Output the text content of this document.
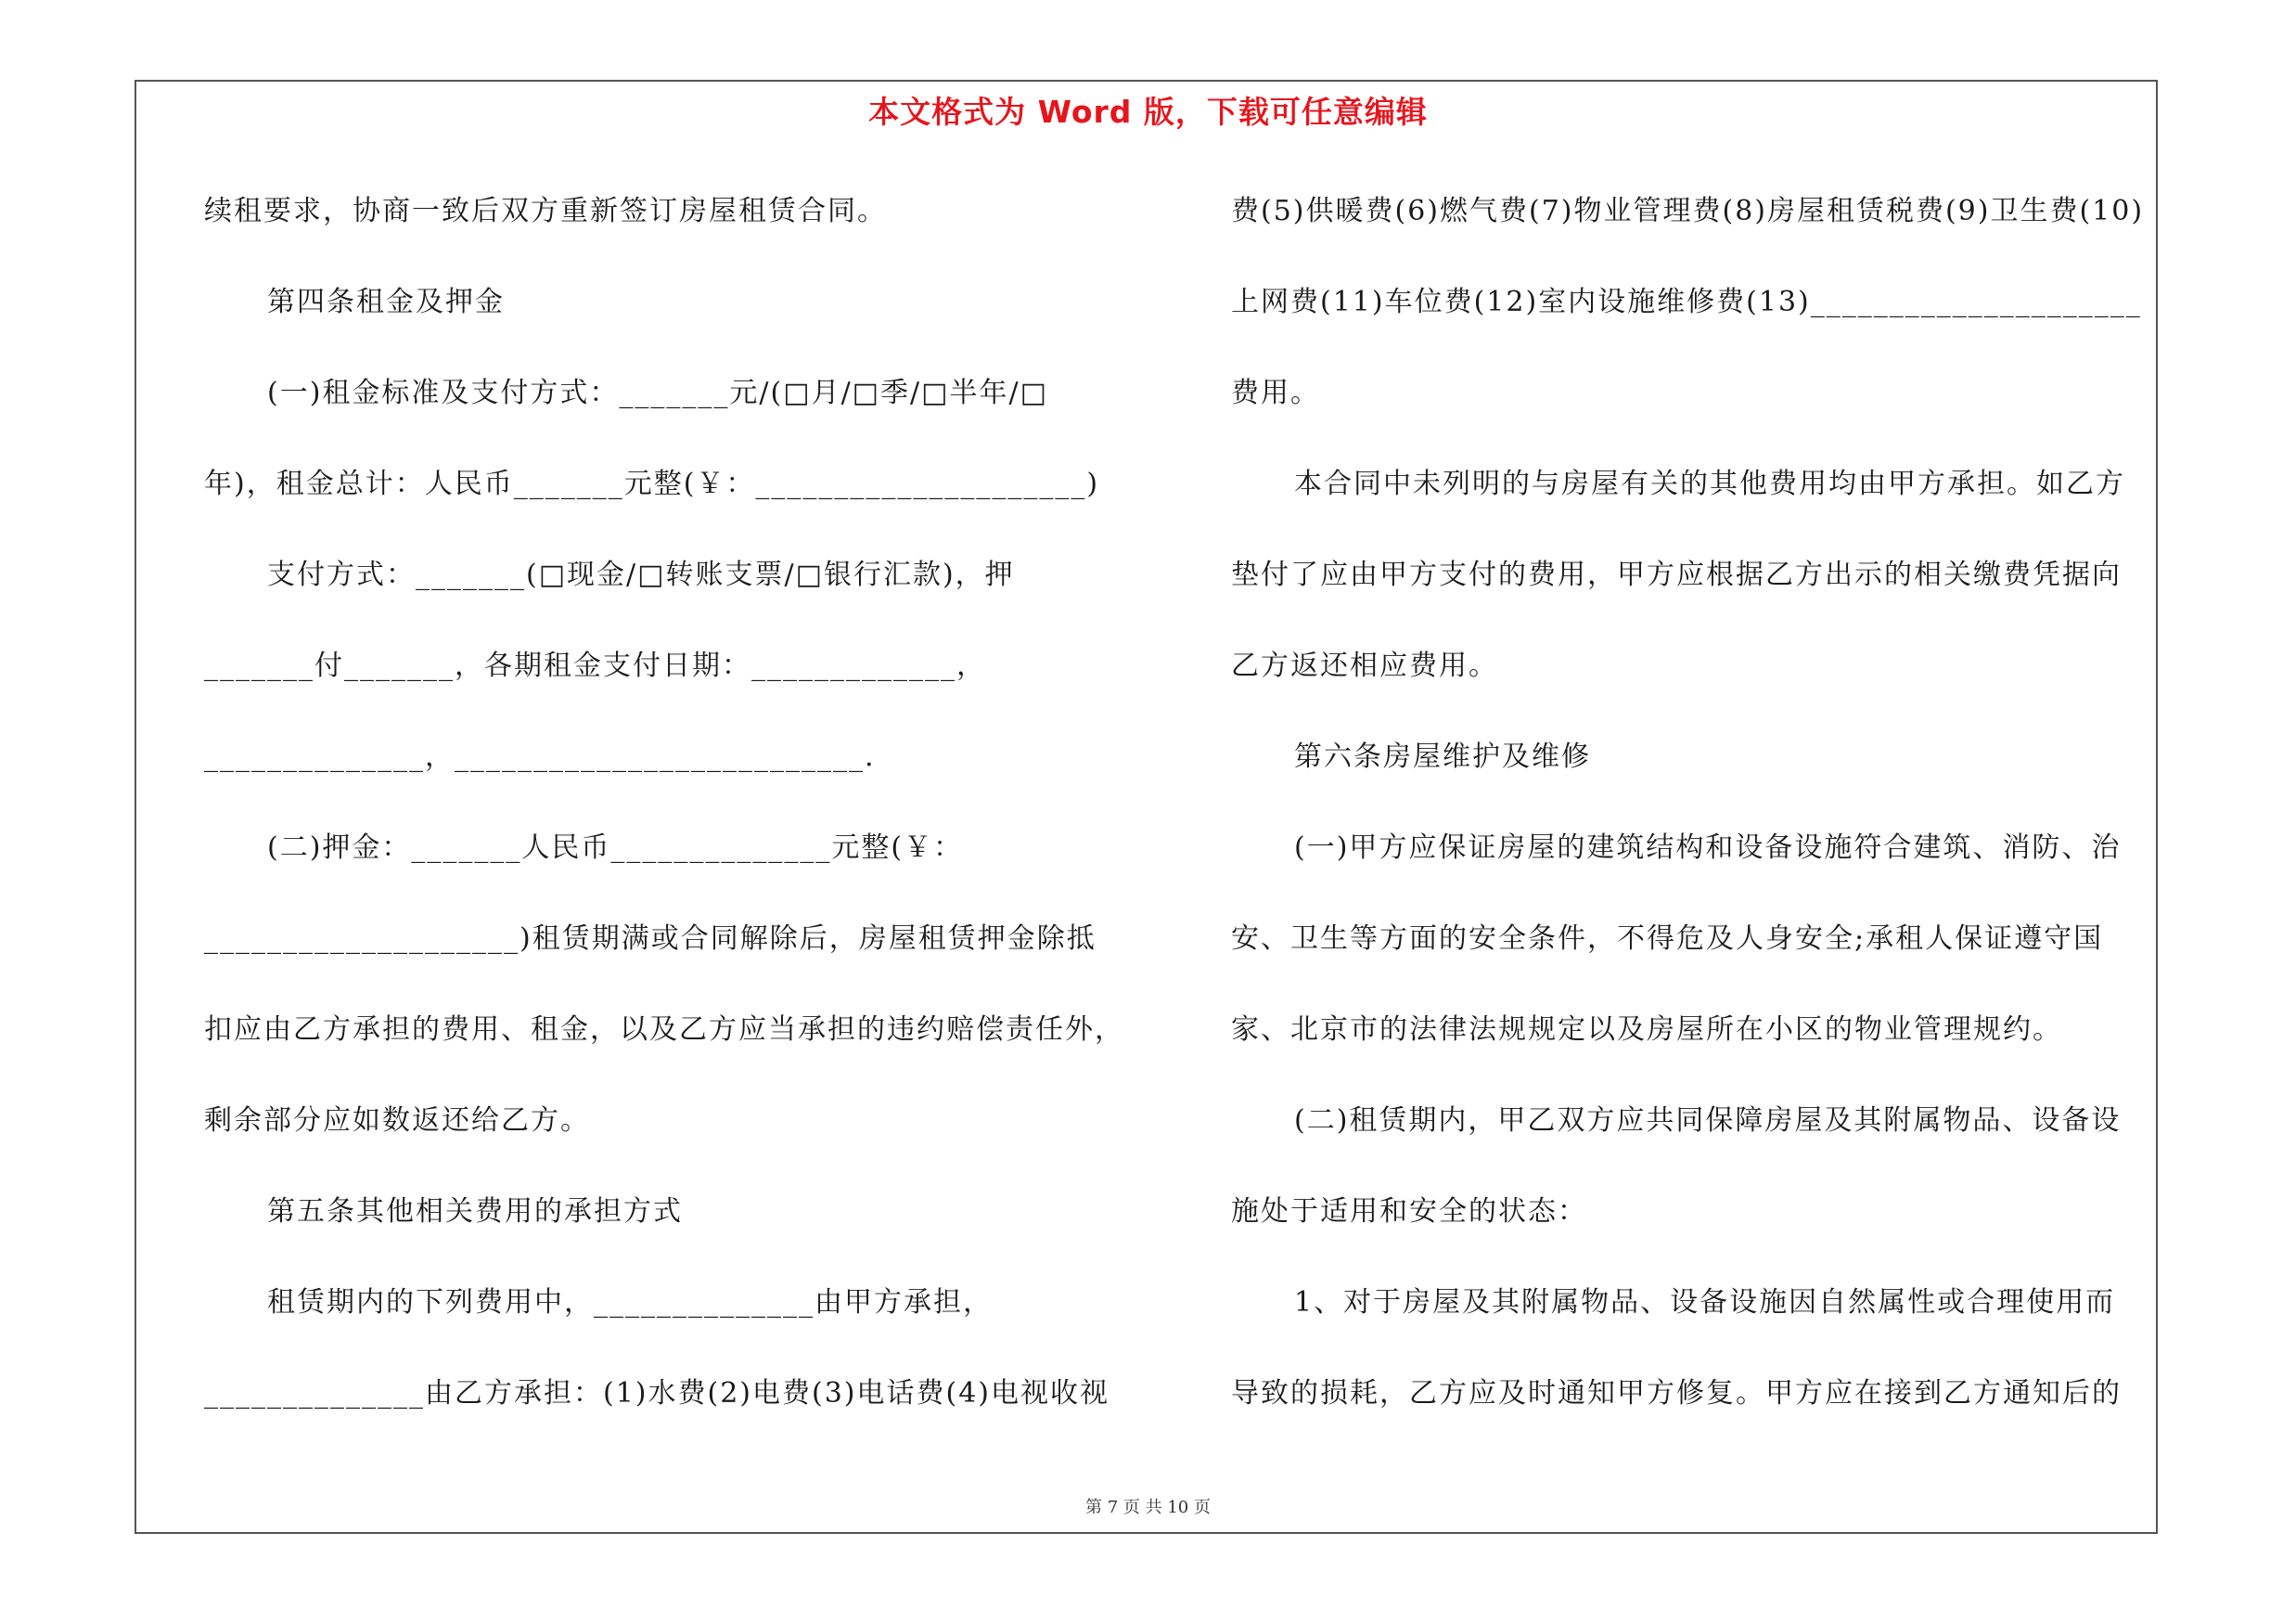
本文格式为 Word 版，下载可任意编辑
续租要求，协商一致后双方重新签订房屋租赁合同。
第四条租金及押金
(一)租金标准及支付方式：_______元/(□月/□季/□半年/□
年)，租金总计：人民币_______元整(￥：_____________________)
支付方式：_______(□现金/□转账支票/□银行汇款)，押
_______付_______，各期租金支付日期：_____________，
______________，__________________________.
(二)押金：_______人民币______________元整(￥：
____________________)租赁期满或合同解除后，房屋租赁押金除抵
扣应由乙方承担的费用、租金，以及乙方应当承担的违约赔偿责任外，
剩余部分应如数返还给乙方。
第五条其他相关费用的承担方式
租赁期内的下列费用中，______________由甲方承担，
______________由乙方承担：(1)水费(2)电费(3)电话费(4)电视收视
费(5)供暖费(6)燃气费(7)物业管理费(8)房屋租赁税费(9)卫生费(10)
上网费(11)车位费(12)室内设施维修费(13)_____________________
费用。
本合同中未列明的与房屋有关的其他费用均由甲方承担。如乙方
垫付了应由甲方支付的费用，甲方应根据乙方出示的相关缴费凭据向
乙方返还相应费用。
第六条房屋维护及维修
(一)甲方应保证房屋的建筑结构和设备设施符合建筑、消防、治
安、卫生等方面的安全条件，不得危及人身安全;承租人保证遵守国
家、北京市的法律法规规定以及房屋所在小区的物业管理规约。
(二)租赁期内，甲乙双方应共同保障房屋及其附属物品、设备设
施处于适用和安全的状态：
1、对于房屋及其附属物品、设备设施因自然属性或合理使用而
导致的损耗，乙方应及时通知甲方修复。甲方应在接到乙方通知后的
第 7 页 共 10 页
